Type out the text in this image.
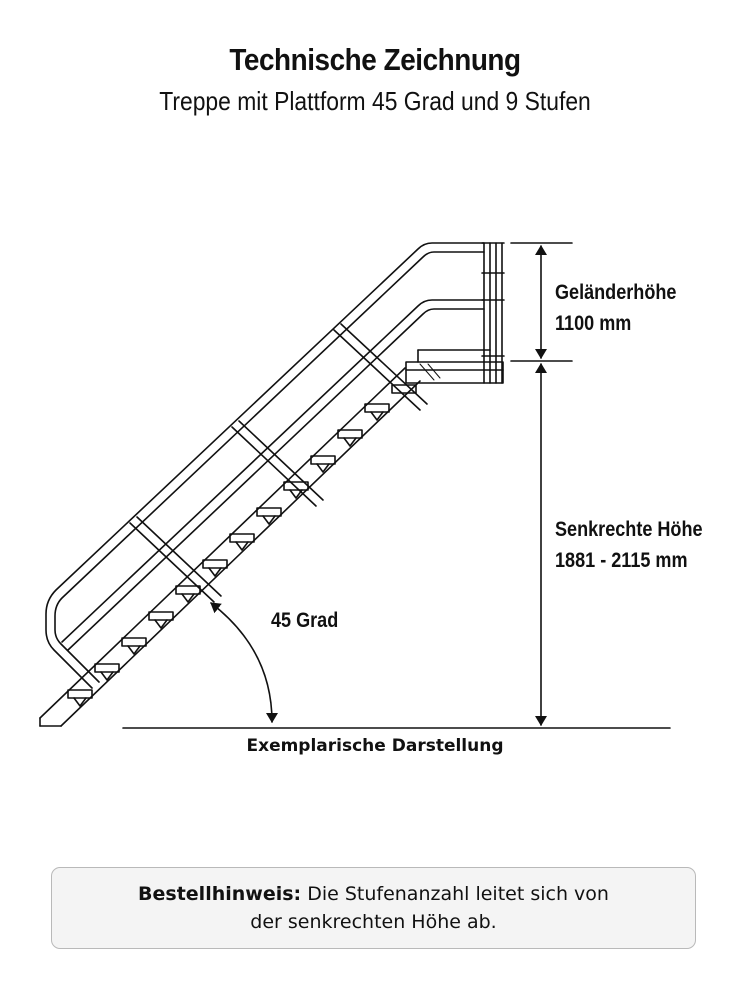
Technische Zeichnung
Treppe mit Plattform 45 Grad und 9 Stufen
Geländerhöhe
1100 mm
Senkrechte Höhe
1881 - 2115 mm
45 Grad
Exemplarische Darstellung
Bestellhinweis: Die Stufenanzahl leitet sich von
der senkrechten Höhe ab.
